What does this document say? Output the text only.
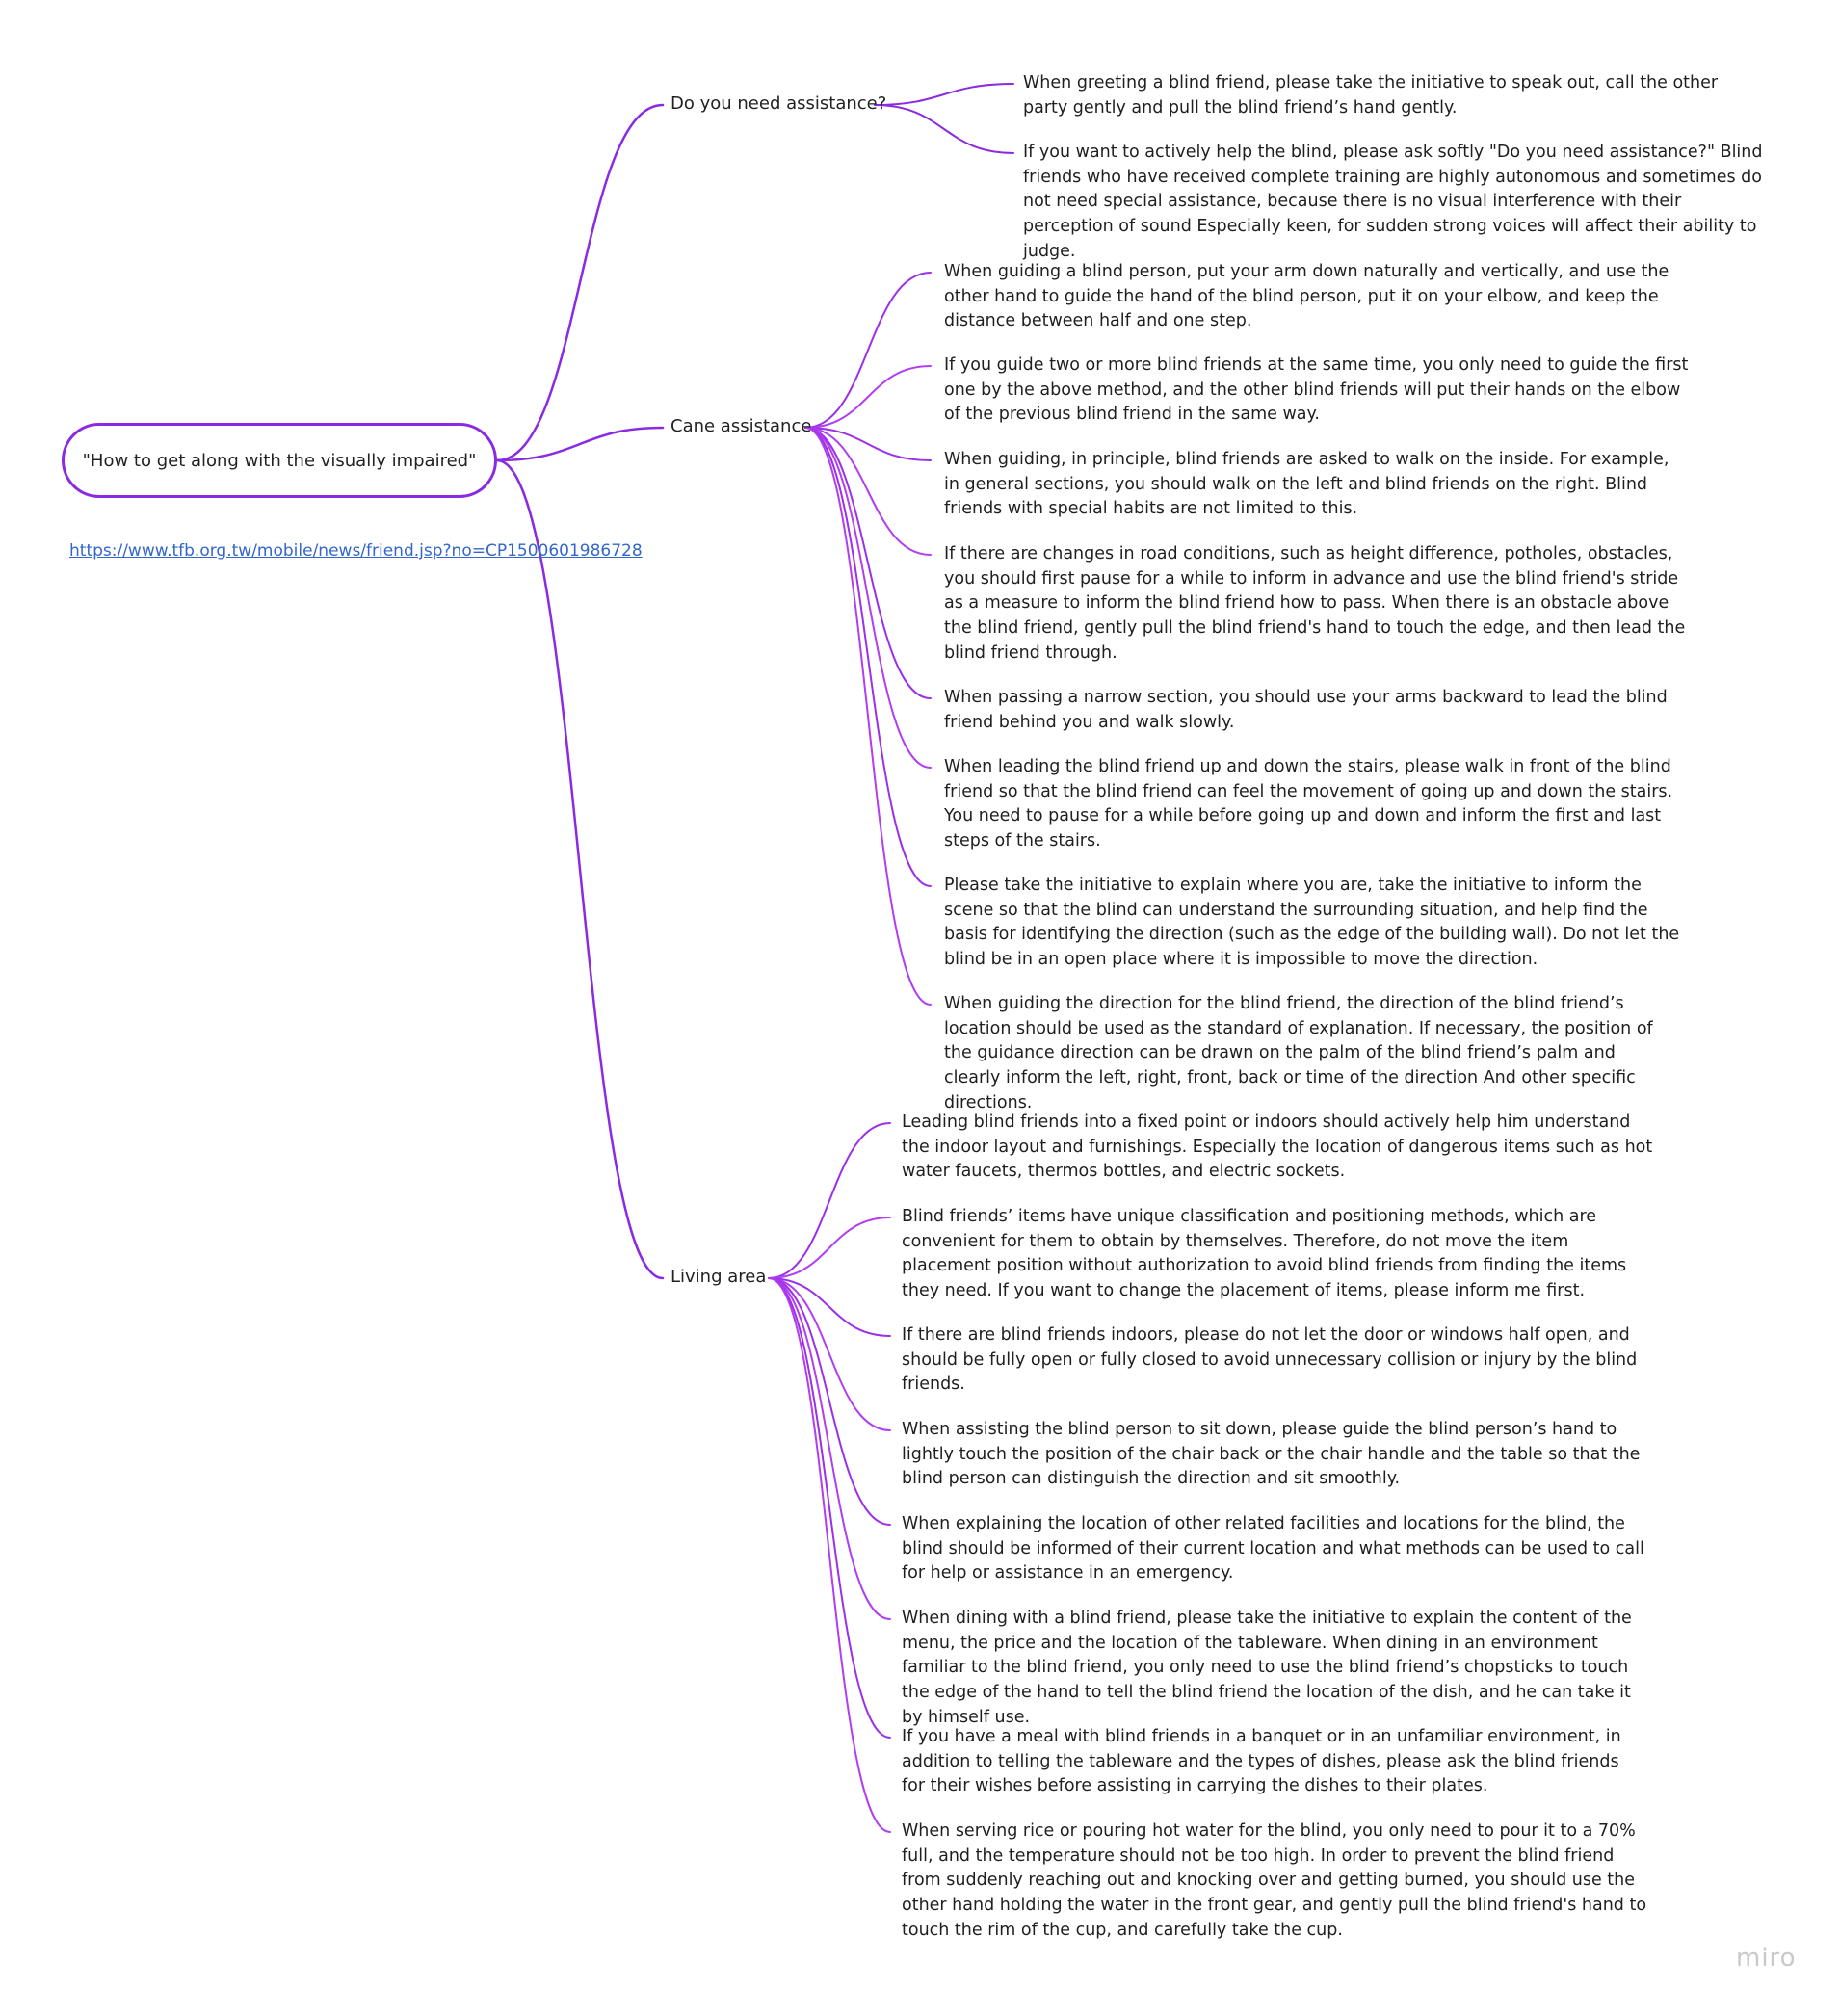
"How to get along with the visually impaired"
https://www.tfb.org.tw/mobile/news/friend.jsp?no=CP1500601986728
Do you need assistance?
When greeting a blind friend, please take the initiative to speak out, call the other party gently and pull the blind friend’s hand gently.
If you want to actively help the blind, please ask softly "Do you need assistance?" Blind friends who have received complete training are highly autonomous and sometimes do not need special assistance, because there is no visual interference with their perception of sound Especially keen, for sudden strong voices will affect their ability to judge.
Cane assistance
When guiding a blind person, put your arm down naturally and vertically, and use the other hand to guide the hand of the blind person, put it on your elbow, and keep the distance between half and one step.
If you guide two or more blind friends at the same time, you only need to guide the first one by the above method, and the other blind friends will put their hands on the elbow of the previous blind friend in the same way.
When guiding, in principle, blind friends are asked to walk on the inside. For example, in general sections, you should walk on the left and blind friends on the right. Blind friends with special habits are not limited to this.
If there are changes in road conditions, such as height difference, potholes, obstacles, you should first pause for a while to inform in advance and use the blind friend's stride as a measure to inform the blind friend how to pass. When there is an obstacle above the blind friend, gently pull the blind friend's hand to touch the edge, and then lead the blind friend through.
When passing a narrow section, you should use your arms backward to lead the blind friend behind you and walk slowly.
When leading the blind friend up and down the stairs, please walk in front of the blind friend so that the blind friend can feel the movement of going up and down the stairs. You need to pause for a while before going up and down and inform the first and last steps of the stairs.
Please take the initiative to explain where you are, take the initiative to inform the scene so that the blind can understand the surrounding situation, and help find the basis for identifying the direction (such as the edge of the building wall). Do not let the blind be in an open place where it is impossible to move the direction.
When guiding the direction for the blind friend, the direction of the blind friend’s location should be used as the standard of explanation. If necessary, the position of the guidance direction can be drawn on the palm of the blind friend’s palm and clearly inform the left, right, front, back or time of the direction And other specific directions.
Living area
Leading blind friends into a fixed point or indoors should actively help him understand the indoor layout and furnishings. Especially the location of dangerous items such as hot water faucets, thermos bottles, and electric sockets.
Blind friends’ items have unique classification and positioning methods, which are convenient for them to obtain by themselves. Therefore, do not move the item placement position without authorization to avoid blind friends from finding the items they need. If you want to change the placement of items, please inform me first.
If there are blind friends indoors, please do not let the door or windows half open, and should be fully open or fully closed to avoid unnecessary collision or injury by the blind friends.
When assisting the blind person to sit down, please guide the blind person’s hand to lightly touch the position of the chair back or the chair handle and the table so that the blind person can distinguish the direction and sit smoothly.
When explaining the location of other related facilities and locations for the blind, the blind should be informed of their current location and what methods can be used to call for help or assistance in an emergency.
When dining with a blind friend, please take the initiative to explain the content of the menu, the price and the location of the tableware. When dining in an environment familiar to the blind friend, you only need to use the blind friend’s chopsticks to touch the edge of the hand to tell the blind friend the location of the dish, and he can take it by himself use.
If you have a meal with blind friends in a banquet or in an unfamiliar environment, in addition to telling the tableware and the types of dishes, please ask the blind friends for their wishes before assisting in carrying the dishes to their plates.
When serving rice or pouring hot water for the blind, you only need to pour it to a 70% full, and the temperature should not be too high. In order to prevent the blind friend from suddenly reaching out and knocking over and getting burned, you should use the other hand holding the water in the front gear, and gently pull the blind friend's hand to touch the rim of the cup, and carefully take the cup.
miro
